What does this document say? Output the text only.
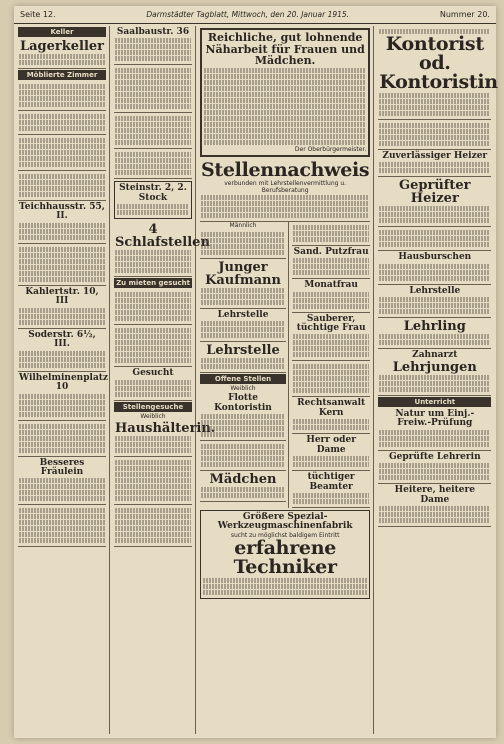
Seite 12.	Darmstädter Tagblatt, Mittwoch, den 20. Januar 1915.	Nummer 20.
Keller
Lagerkeller
Möblierte Zimmer
Teichhausstr. 55, II.
Kahlertstr. 10, III
Soderstr. 6½, III.
Wilhelminenplatz 10
Besseres Fräulein
Saalbaustr. 36
Steinstr. 2, 2. Stock
4 Schlafstellen
Zu mieten gesucht
Gesucht
Stellengesuche
Weiblich
Haushälterin.
Reichliche, gut lohnende Näharbeit für Frauen und Mädchen.
Der Oberbürgermeister.
Stellennachweis
verbunden mit Lehrstellenvermittlung u. Berufsberatung
Männlich
Junger Kaufmann
Lehrstelle
Lehrstelle
Offene Stellen
Weiblich
Flotte Kontoristin
Mädchen
Sand. Putzfrau
Monatfrau
Sauberer, tüchtige Frau
Rechtsanwalt Kern
Herr oder Dame
tüchtiger Beamter
Größere Spezial-Werkzeugmaschinenfabrik
sucht zu möglichst baldigem Eintritt
erfahrene Techniker
Kontorist od. Kontoristin
Zuverlässiger Heizer
Geprüfter Heizer
Hausburschen
Lehrstelle
Lehrling
Zahnarzt
Lehrjungen
Unterricht
Natur um Einj.-Freiw.-Prüfung
Geprüfte Lehrerin
Heitere, heitere Dame
